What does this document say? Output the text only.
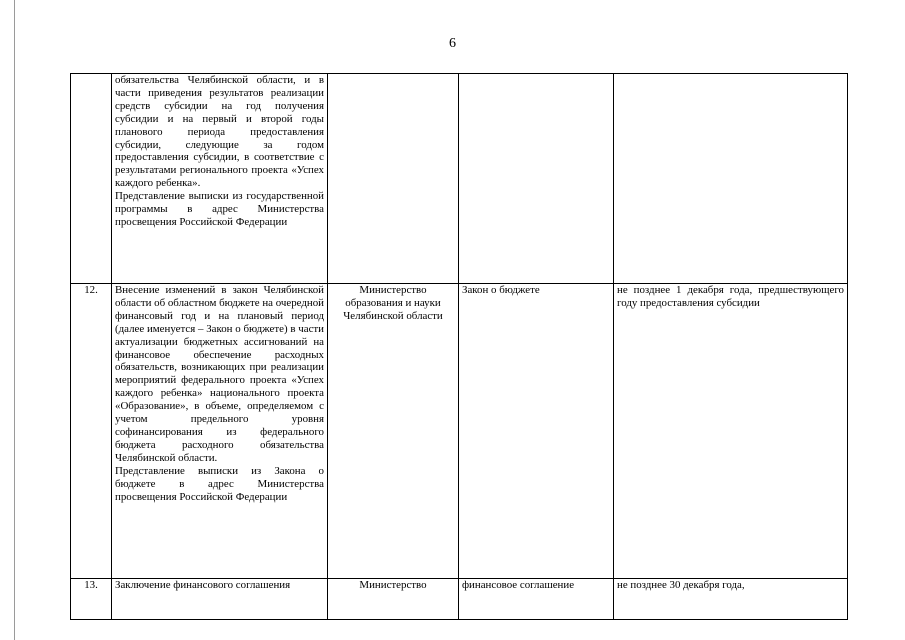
6

	обязательства Челябинской области, и в части приведения результатов реализации средств субсидии на год получения субсидии и на первый и второй годы планового периода предоставления субсидии, следующие за годом предоставления субсидии, в соответствие с результатами регионального проекта «Успех каждого ребенка».
Представление выписки из государственной программы в адрес Министерства просвещения Российской Федерации			

12.	Внесение изменений в закон Челябинской области об областном бюджете на очередной финансовый год и на плановый период (далее именуется – Закон о бюджете) в части актуализации бюджетных ассигнований на финансовое обеспечение расходных обязательств, возникающих при реализации мероприятий федерального проекта «Успех каждого ребенка» национального проекта «Образование», в объеме, определяемом с учетом предельного уровня софинансирования из федерального бюджета расходного обязательства Челябинской области.
Представление выписки из Закона о бюджете в адрес Министерства просвещения Российской Федерации	Министерство образования и науки Челябинской области	Закон о бюджете	не позднее 1 декабря года, предшествующего году предоставления субсидии
13.	Заключение финансового соглашения	Министерство	финансовое соглашение	не позднее 30 декабря года,
